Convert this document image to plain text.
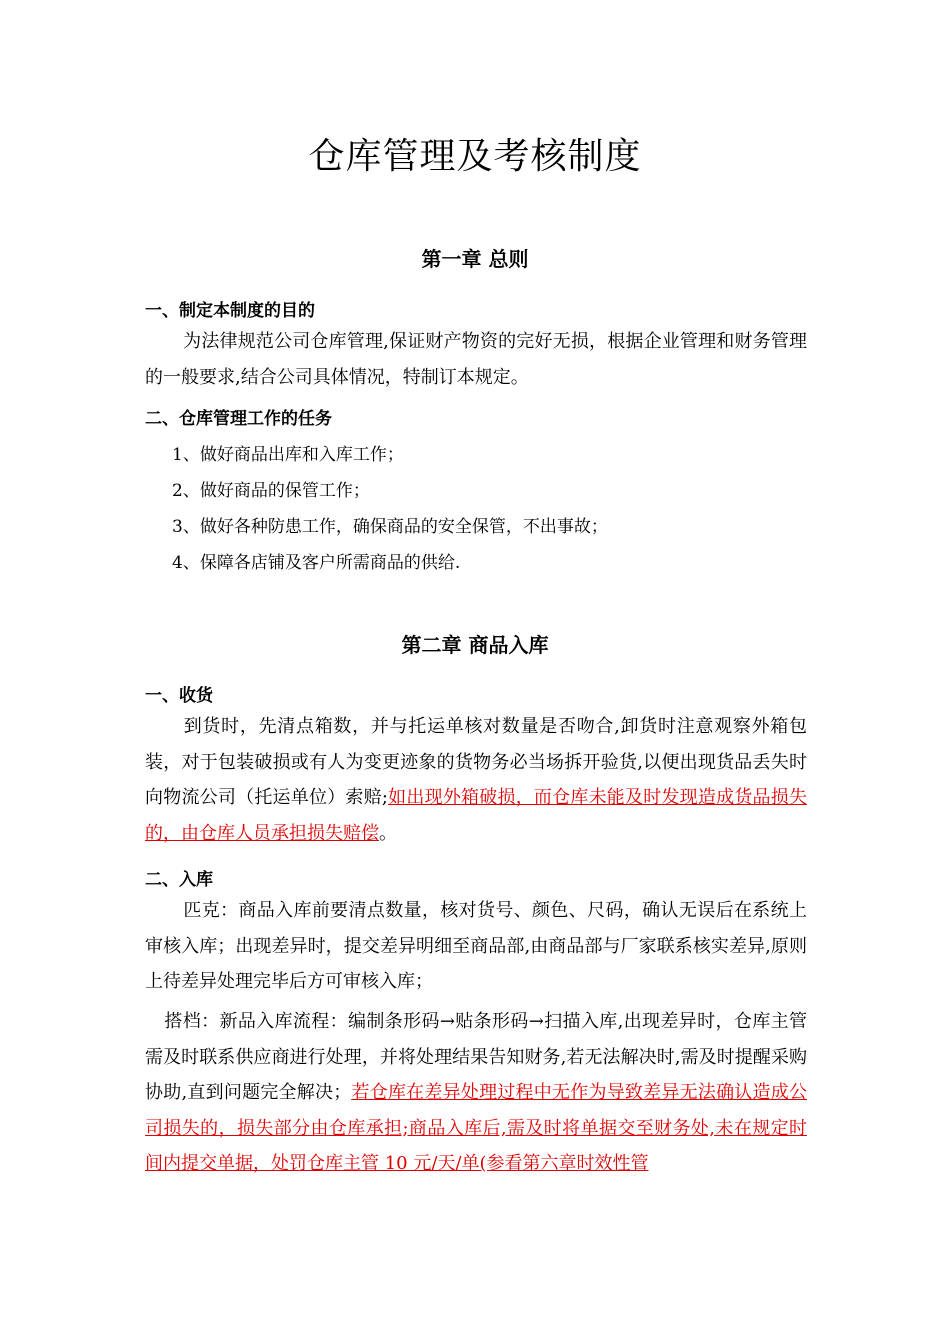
仓库管理及考核制度
第一章 总则
一、制定本制度的目的
为法律规范公司仓库管理,保证财产物资的完好无损，根据企业管理和财务管理的一般要求,结合公司具体情况，特制订本规定。
二、仓库管理工作的任务
1、做好商品出库和入库工作；
2、做好商品的保管工作；
3、做好各种防患工作，确保商品的安全保管，不出事故；
4、保障各店铺及客户所需商品的供给.
第二章 商品入库
一、收货
到货时，先清点箱数，并与托运单核对数量是否吻合,卸货时注意观察外箱包装，对于包装破损或有人为变更迹象的货物务必当场拆开验货,以便出现货品丢失时向物流公司（托运单位）索赔;如出现外箱破损，而仓库未能及时发现造成货品损失的，由仓库人员承担损失赔偿。
二、入库
匹克：商品入库前要清点数量，核对货号、颜色、尺码，确认无误后在系统上审核入库；出现差异时，提交差异明细至商品部,由商品部与厂家联系核实差异,原则上待差异处理完毕后方可审核入库；
搭档：新品入库流程：编制条形码→贴条形码→扫描入库,出现差异时，仓库主管需及时联系供应商进行处理，并将处理结果告知财务,若无法解决时,需及时提醒采购协助,直到问题完全解决；若仓库在差异处理过程中无作为导致差异无法确认造成公司损失的，损失部分由仓库承担;商品入库后,需及时将单据交至财务处,未在规定时间内提交单据，处罚仓库主管 10 元/天/单(参看第六章时效性管
